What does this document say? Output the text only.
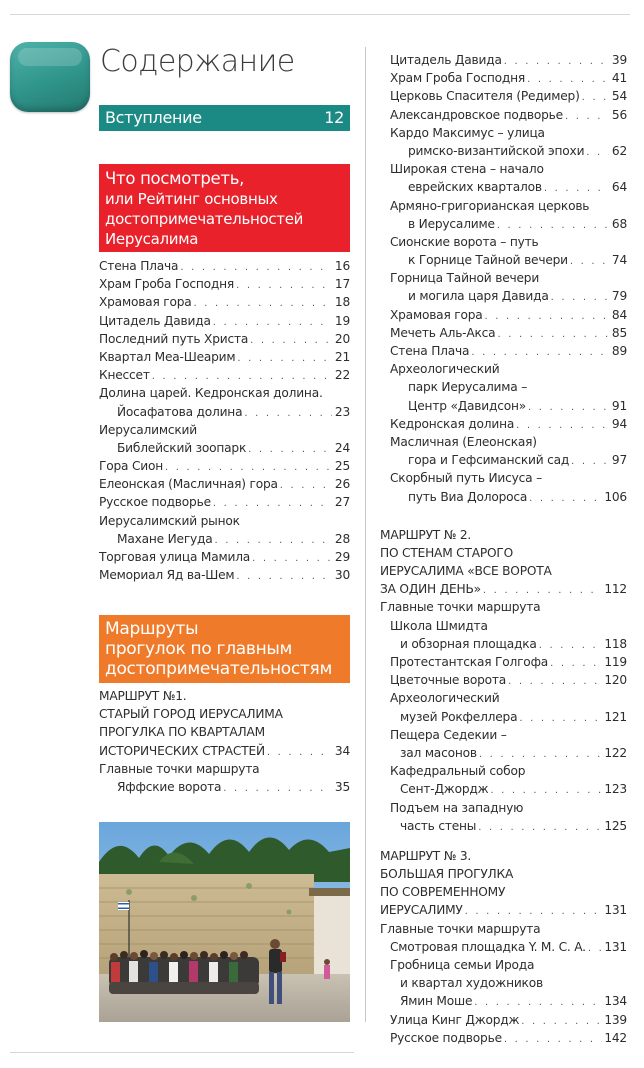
Содержание
Вступление	12
Что посмотреть,
или Рейтинг основных
достопримечательностей
Иерусалима
Стена Плача . . .	16
Храм Гроба Господня . . .	17
Храмовая гора . . .	18
Цитадель Давида . . .	19
Последний путь Христа . . .	20
Квартал Меа-Шеарим . . .	21
Кнессет . . .	22
Долина царей. Кедронская долина.
Йосафатова долина . . .	23
Иерусалимский
Библейский зоопарк . . .	24
Гора Сион . . .	25
Елеонская (Масличная) гора . . .	26
Русское подворье . . .	27
Иерусалимский рынок
Махане Иегуда . . .	28
Торговая улица Мамила . . .	29
Мемориал Яд ва-Шем . . .	30
Маршруты
прогулок по главным
достопримечательностям
МАРШРУТ №1.
СТАРЫЙ ГОРОД ИЕРУСАЛИМА
ПРОГУЛКА ПО КВАРТАЛАМ
ИСТОРИЧЕСКИХ СТРАСТЕЙ . . .	34
Главные точки маршрута
Яффские ворота . . .	35
Цитадель Давида . . .	39
Храм Гроба Господня . . .	41
Церковь Спасителя (Редимер) . . .	54
Александровское подворье . . .	56
Кардо Максимус – улица
римско-византийской эпохи . . . 62
Широкая стена – начало
еврейских кварталов . . .	64
Армяно-григорианская церковь
в Иерусалиме . . .	68
Сионские ворота – путь
к Горнице Тайной вечери . . .	74
Горница Тайной вечери
и могила царя Давида . . .	79
Храмовая гора . . .	84
Мечеть Аль-Акса . . .	85
Стена Плача . . .	89
Археологический
парк Иерусалима –
Центр «Давидсон» . . .	91
Кедронская долина . . .	94
Масличная (Елеонская)
гора и Гефсиманский сад . . .	97
Скорбный путь Иисуса –
путь Виа Долороса . . .	106
МАРШРУТ № 2.
ПО СТЕНАМ СТАРОГО
ИЕРУСАЛИМА «ВСЕ ВОРОТА
ЗА ОДИН ДЕНЬ» . . .	112
Главные точки маршрута
Школа Шмидта
и обзорная площадка . . .	118
Протестантская Голгофа . . .	119
Цветочные ворота . . .	120
Археологический
музей Рокфеллера . . .	121
Пещера Седекии –
зал масонов . . .	122
Кафедральный собор
Сент-Джордж . . .	123
Подъем на западную
часть стены . . .	125
МАРШРУТ № 3.
БОЛЬШАЯ ПРОГУЛКА
ПО СОВРЕМЕННОМУ
ИЕРУСАЛИМУ . . .	131
Главные точки маршрута
Смотровая площадка Y. M. C. A. . . . 131
Гробница семьи Ирода
и квартал художников
Ямин Моше . . .	134
Улица Кинг Джордж . . .	139
Русское подворье . . .	142
